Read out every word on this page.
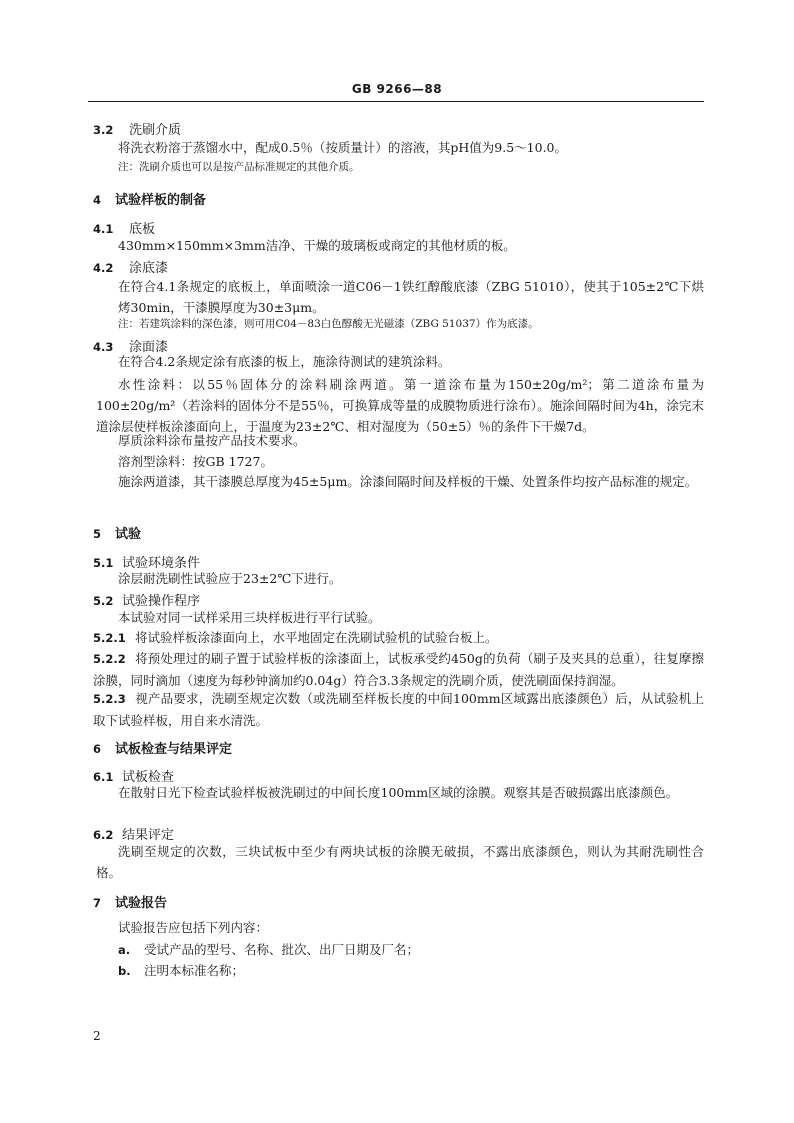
GB 9266—88
3.2 洗刷介质
将洗衣粉溶于蒸馏水中，配成0.5％（按质量计）的溶液，其pH值为9.5～10.0。
注：洗刷介质也可以是按产品标准规定的其他介质。
4 试验样板的制备
4.1 底板
430mm×150mm×3mm洁净、干燥的玻璃板或商定的其他材质的板。
4.2 涂底漆
在符合4.1条规定的底板上，单面喷涂一道C06－1铁红醇酸底漆（ZBG 51010），使其于105±2℃下烘烤30min，干漆膜厚度为30±3μm。
注：若建筑涂料的深色漆，则可用C04－83白色醇酸无光磁漆（ZBG 51037）作为底漆。
4.3 涂面漆
在符合4.2条规定涂有底漆的板上，施涂待测试的建筑涂料。
水性涂料：以55％固体分的涂料刷涂两道。第一道涂布量为150±20g/m²；第二道涂布量为100±20g/m²（若涂料的固体分不是55％，可换算成等量的成膜物质进行涂布）。施涂间隔时间为4h，涂完末道涂层使样板涂漆面向上，于温度为23±2℃、相对湿度为（50±5）％的条件下干燥7d。
厚质涂料涂布量按产品技术要求。
溶剂型涂料：按GB 1727。
施涂两道漆，其干漆膜总厚度为45±5μm。涂漆间隔时间及样板的干燥、处置条件均按产品标准的规定。
5 试验
5.1 试验环境条件
涂层耐洗刷性试验应于23±2℃下进行。
5.2 试验操作程序
本试验对同一试样采用三块样板进行平行试验。
5.2.1 将试验样板涂漆面向上，水平地固定在洗刷试验机的试验台板上。
5.2.2 将预处理过的刷子置于试验样板的涂漆面上，试板承受约450g的负荷（刷子及夹具的总重），往复摩擦涂膜，同时滴加（速度为每秒钟滴加约0.04g）符合3.3条规定的洗刷介质，使洗刷面保持润湿。
5.2.3 视产品要求，洗刷至规定次数（或洗刷至样板长度的中间100mm区域露出底漆颜色）后，从试验机上取下试验样板，用自来水清洗。
6 试板检查与结果评定
6.1 试板检查
在散射日光下检查试验样板被洗刷过的中间长度100mm区域的涂膜。观察其是否破损露出底漆颜色。
6.2 结果评定
洗刷至规定的次数，三块试板中至少有两块试板的涂膜无破损，不露出底漆颜色，则认为其耐洗刷性合格。
7 试验报告
试验报告应包括下列内容：
a. 受试产品的型号、名称、批次、出厂日期及厂名；
b. 注明本标准名称；
2
